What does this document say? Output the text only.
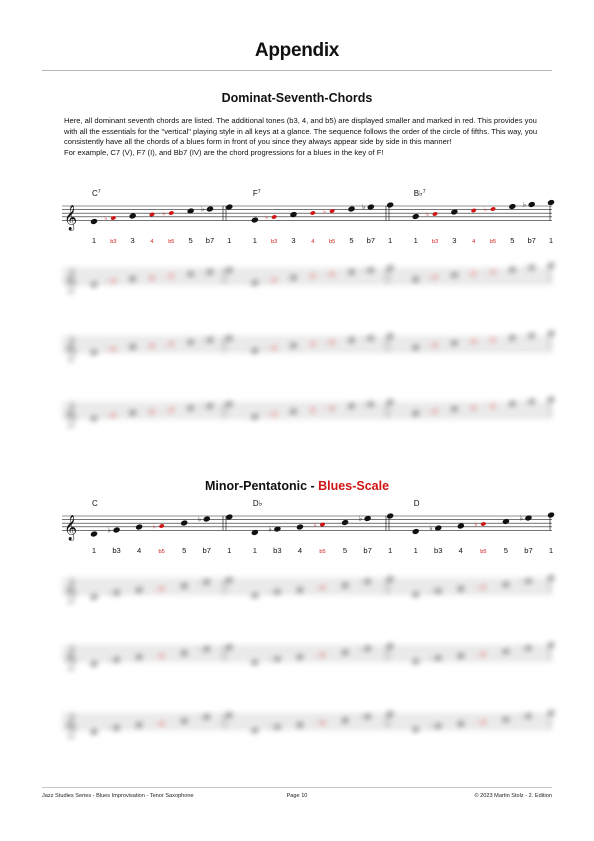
Appendix
Dominat-Seventh-Chords

Here, all dominant seventh chords are listed. The additional tones (b3, 4, and b5) are displayed smaller and marked in red. This provides you with all the essentials for the "vertical" playing style in all keys at a glance. The sequence follows the order of the circle of fifths. This way, you consistently have all the chords of a blues form in front of you since they always appear side by side in this manner!

For example, C7 (V), F7 (I), and Bb7 (IV) are the chord progressions for a blues in the key of F!

𝄞
1
♭
b3 3	4
♭
b5 5
♭
b7 1
$C^7$
1
♭
b3 3	4
♭
b5 5
♭
b7 1
$F^7$
1
♭
b3 3	4
♭
b5 5
♭
b7 1
B♭$^7$
𝄞	♭
♭
♭
♭
♭
♭
♭
♭
♭
𝄞	♭
♭
♭
♭
♭
♭
♭
♭
♭
𝄞	♭
♭
♭
♭
♭
♭
♭
♭
♭
Minor-Pentatonic - Blues-Scale
𝄞
1
♭
b3 4
♭
b5 5
♭
b7 1
C
1
♭
b3 4
♭
b5 5
♭
b7 1
D♭
1
♭
b3 4
♭
b5 5
♭
b7 1
D
𝄞	♭	♭
♭
♭	♭
♭
♭	♭
♭
𝄞	♭	♭
♭
♭	♭
♭
♭	♭
♭
𝄞	♭	♭
♭
♭	♭
♭
♭	♭
♭
Jazz Studies Series - Blues Improvisation - Tenor Saxophone	Page 10	© 2023 Martin Stolz - 2. Edition
